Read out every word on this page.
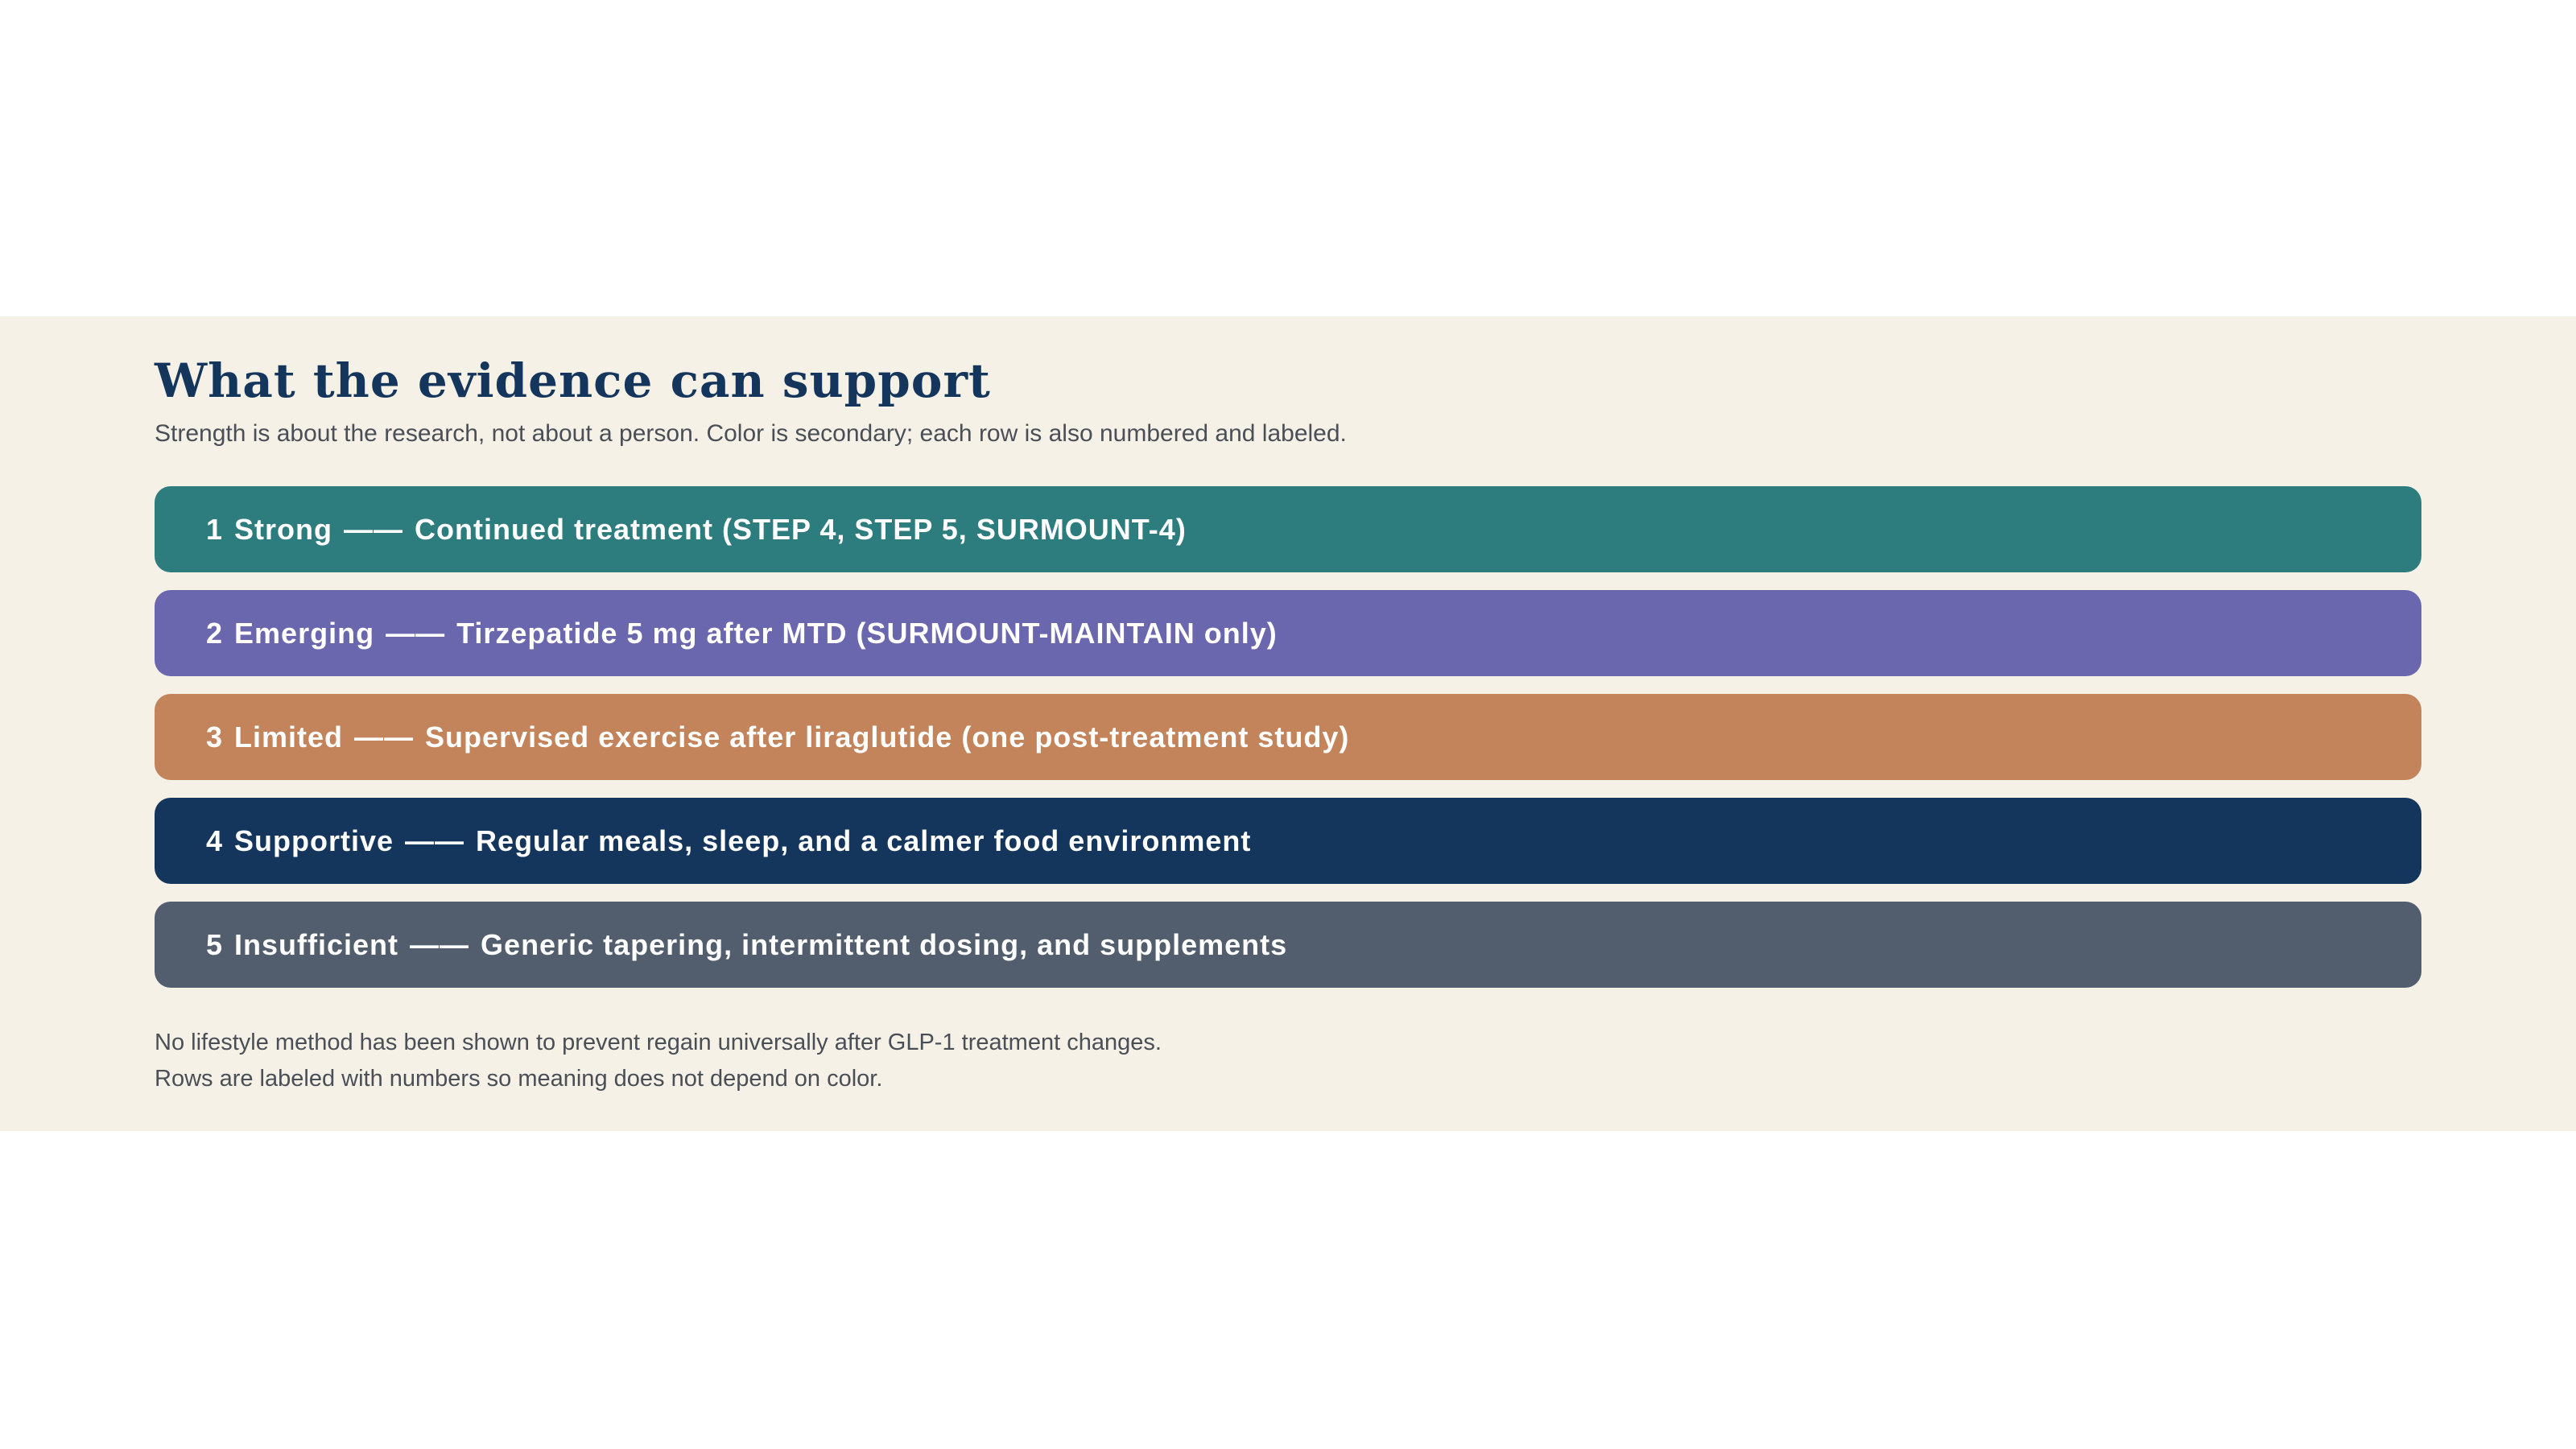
What the evidence can support
Strength is about the research, not about a person. Color is secondary; each row is also numbered and labeled.
1 Strong —— Continued treatment (STEP 4, STEP 5, SURMOUNT-4)
2 Emerging —— Tirzepatide 5 mg after MTD (SURMOUNT-MAINTAIN only)
3 Limited —— Supervised exercise after liraglutide (one post-treatment study)
4 Supportive —— Regular meals, sleep, and a calmer food environment
5 Insufficient —— Generic tapering, intermittent dosing, and supplements
No lifestyle method has been shown to prevent regain universally after GLP-1 treatment changes.
Rows are labeled with numbers so meaning does not depend on color.
